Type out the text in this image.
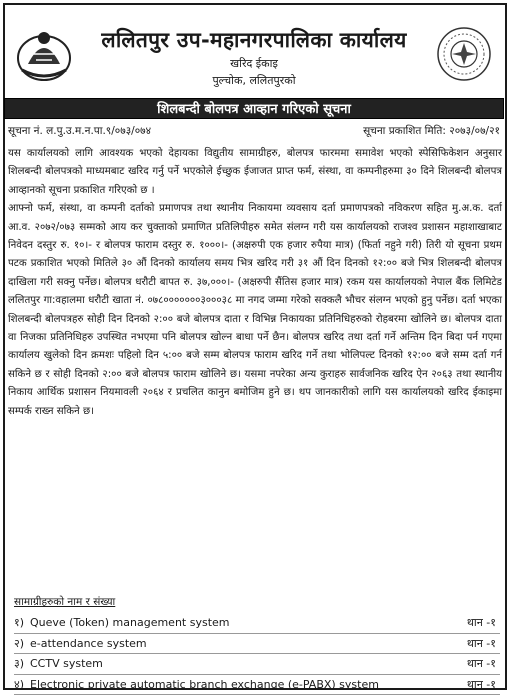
ललितपुर उप-महानगरपालिका कार्यालय
खरिद ईकाइ
पुल्चोक, ललितपुरको
शिलबन्दी बोलपत्र आव्हान गरिएको सूचना
सूचना नं. ल.पु.उ.म.न.पा.९/०७३/०७४	सूचना प्रकाशित मिति: २०७३/०७/२१
यस कार्यालयको लागि आवश्यक भएको देहायका विद्युतीय सामाग्रीहरु, बोलपत्र फारममा समावेश भएको स्पेसिफिकेशन अनुसार शिलबन्दी बोलपत्रको माध्यमबाट खरिद गर्नु पर्ने भएकोले ईच्छुक ईजाजत प्राप्त फर्म, संस्था, वा कम्पनीहरुमा ३० दिने शिलबन्दी बोलपत्र आव्हानको सूचना प्रकाशित गरिएको छ ।
आफ्नो फर्म, संस्था, वा कम्पनी दर्ताको प्रमाणपत्र तथा स्थानीय निकायमा व्यवसाय दर्ता प्रमाणपत्रको नविकरण सहित मु.अ.क. दर्ता आ.व. २०७२/०७३ सम्मको आय कर चुक्ताको प्रमाणित प्रतिलिपीहरु समेत संलग्न गरी यस कार्यालयको राजश्व प्रशासन महाशाखाबाट निवेदन दस्तुर रु. १०।- र बोलपत्र फाराम दस्तुर रु. १०००।- (अक्षरुपी एक हजार रुपैया मात्र) (फिर्ता नहुने गरी) तिरी यो सूचना प्रथम पटक प्रकाशित भएको मितिले ३० औं दिनको कार्यालय समय भित्र खरिद गरी ३१ औं दिन दिनको १२:०० बजे भित्र शिलबन्दी बोलपत्र दाखिला गरी सक्नु पर्नेछ। बोलपत्र धरौटी बापत रु. ३७,०००।- (अक्षरुपी सैंतिस हजार मात्र) रकम यस कार्यालयको नेपाल बैंक लिमिटेड ललितपुर गा:वहालमा धरौटी खाता नं. ०७८०००००००३०००३८ मा नगद जम्मा गरेको सक्कलै भौचर संलग्न भएको हुनु पर्नेछ। दर्ता भएका शिलबन्दी बोलपत्रहरु सोही दिन दिनको २:०० बजे बोलपत्र दाता र विभिन्न निकायका प्रतिनिधिहरुको रोहबरमा खोलिने छ। बोलपत्र दाता वा निजका प्रतिनिधिहरु उपस्थित नभएमा पनि बोलपत्र खोल्न बाधा पर्ने छैन। बोलपत्र खरिद तथा दर्ता गर्ने अन्तिम दिन बिदा पर्न गएमा कार्यालय खुलेको दिन क्रमशः पहिलो दिन ५:०० बजे सम्म बोलपत्र फाराम खरिद गर्ने तथा भोलिपल्ट दिनको १२:०० बजे सम्म दर्ता गर्न सकिने छ र सोही दिनको २:०० बजे बोलपत्र फाराम खोलिने छ। यसमा नपरेका अन्य कुराहरु सार्वजनिक खरिद ऐन २०६३ तथा स्थानीय निकाय आर्थिक प्रशासन नियमावली २०६४ र प्रचलित कानुन बमोजिम हुने छ। थप जानकारीको लागि यस कार्यालयको खरिद ईकाइमा सम्पर्क राख्न सकिने छ।
सामाग्रीहरुको नाम र संख्या
१) Queve (Token) management system	थान -१
२) e-attendance system	थान -१
३) CCTV system	थान -१
४) Electronic private automatic branch exchange (e-PABX) system	थान -१
